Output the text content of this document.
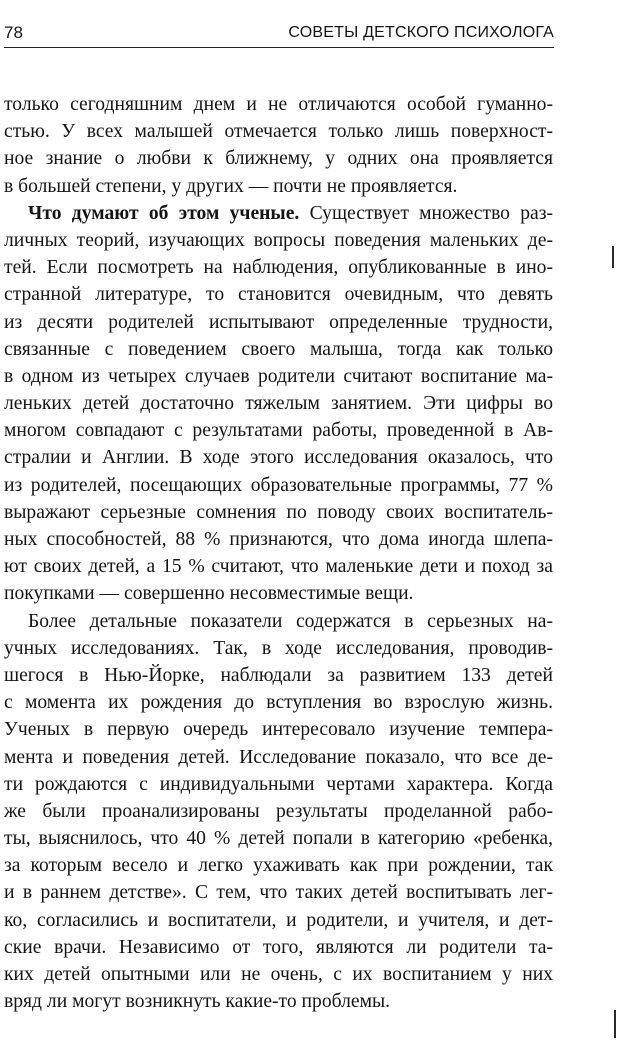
78	СОВЕТЫ ДЕТСКОГО ПСИХОЛОГА
только сегодняшним днем и не отличаются особой гуманно-
стью. У всех малышей отмечается только лишь поверхност-
ное знание о любви к ближнему, у одних она проявляется
в большей степени, у других — почти не проявляется.
Что думают об этом ученые. Существует множество раз-
личных теорий, изучающих вопросы поведения маленьких де-
тей. Если посмотреть на наблюдения, опубликованные в ино-
странной литературе, то становится очевидным, что девять
из десяти родителей испытывают определенные трудности,
связанные с поведением своего малыша, тогда как только
в одном из четырех случаев родители считают воспитание ма-
леньких детей достаточно тяжелым занятием. Эти цифры во
многом совпадают с результатами работы, проведенной в Ав-
стралии и Англии. В ходе этого исследования оказалось, что
из родителей, посещающих образовательные программы, 77 %
выражают серьезные сомнения по поводу своих воспитатель-
ных способностей, 88 % признаются, что дома иногда шлепа-
ют своих детей, а 15 % считают, что маленькие дети и поход за
покупками — совершенно несовместимые вещи.
Более детальные показатели содержатся в серьезных на-
учных исследованиях. Так, в ходе исследования, проводив-
шегося в Нью-Йорке, наблюдали за развитием 133 детей
с момента их рождения до вступления во взрослую жизнь.
Ученых в первую очередь интересовало изучение темпера-
мента и поведения детей. Исследование показало, что все де-
ти рождаются с индивидуальными чертами характера. Когда
же были проанализированы результаты проделанной рабо-
ты, выяснилось, что 40 % детей попали в категорию «ребенка,
за которым весело и легко ухаживать как при рождении, так
и в раннем детстве». С тем, что таких детей воспитывать лег-
ко, согласились и воспитатели, и родители, и учителя, и дет-
ские врачи. Независимо от того, являются ли родители та-
ких детей опытными или не очень, с их воспитанием у них
вряд ли могут возникнуть какие-то проблемы.
